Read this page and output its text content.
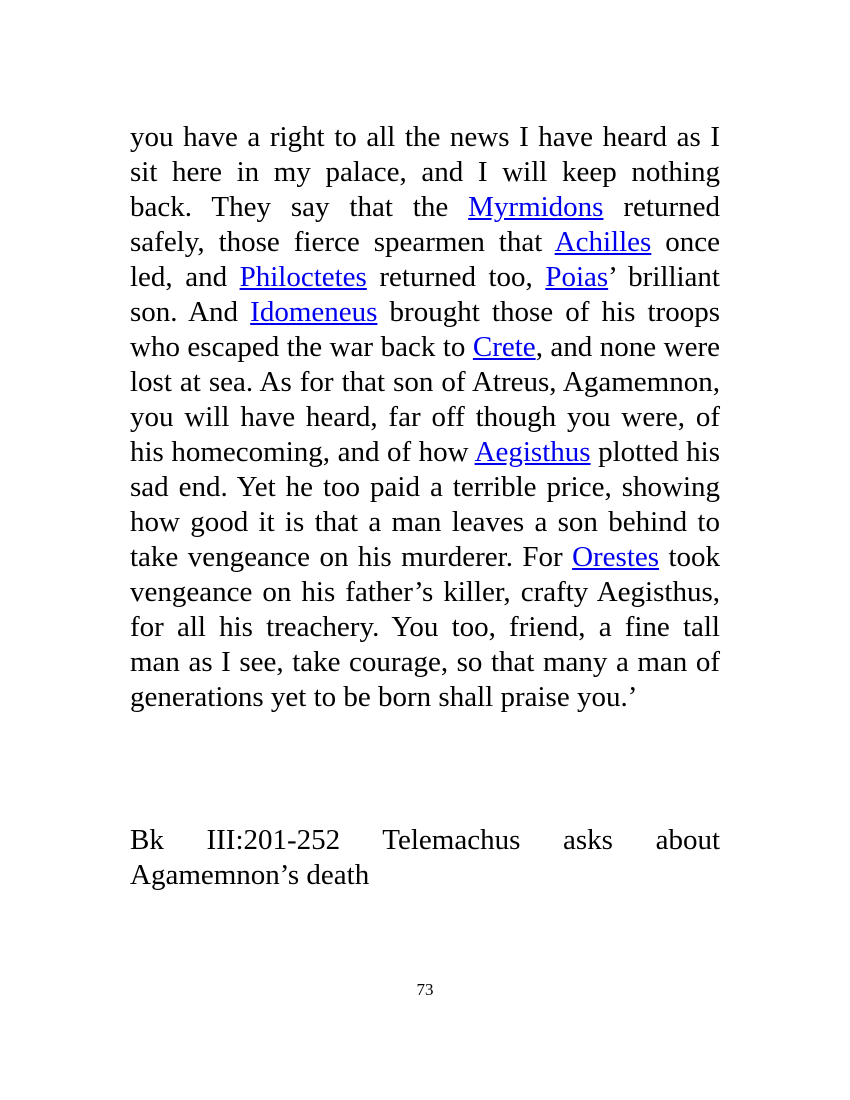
you have a right to all the news I have heard as I sit here in my palace, and I will keep nothing back. They say that the Myrmidons returned safely, those fierce spearmen that Achilles once led, and Philoctetes returned too, Poias’ brilliant son. And Idomeneus brought those of his troops who escaped the war back to Crete, and none were lost at sea. As for that son of Atreus, Agamemnon, you will have heard, far off though you were, of his homecoming, and of how Aegisthus plotted his sad end. Yet he too paid a terrible price, showing how good it is that a man leaves a son behind to take vengeance on his murderer. For Orestes took vengeance on his father’s killer, crafty Aegisthus, for all his treachery. You too, friend, a fine tall man as I see, take courage, so that many a man of generations yet to be born shall praise you.’

Bk III:201-252 Telemachus asks about Agamemnon’s death

73
